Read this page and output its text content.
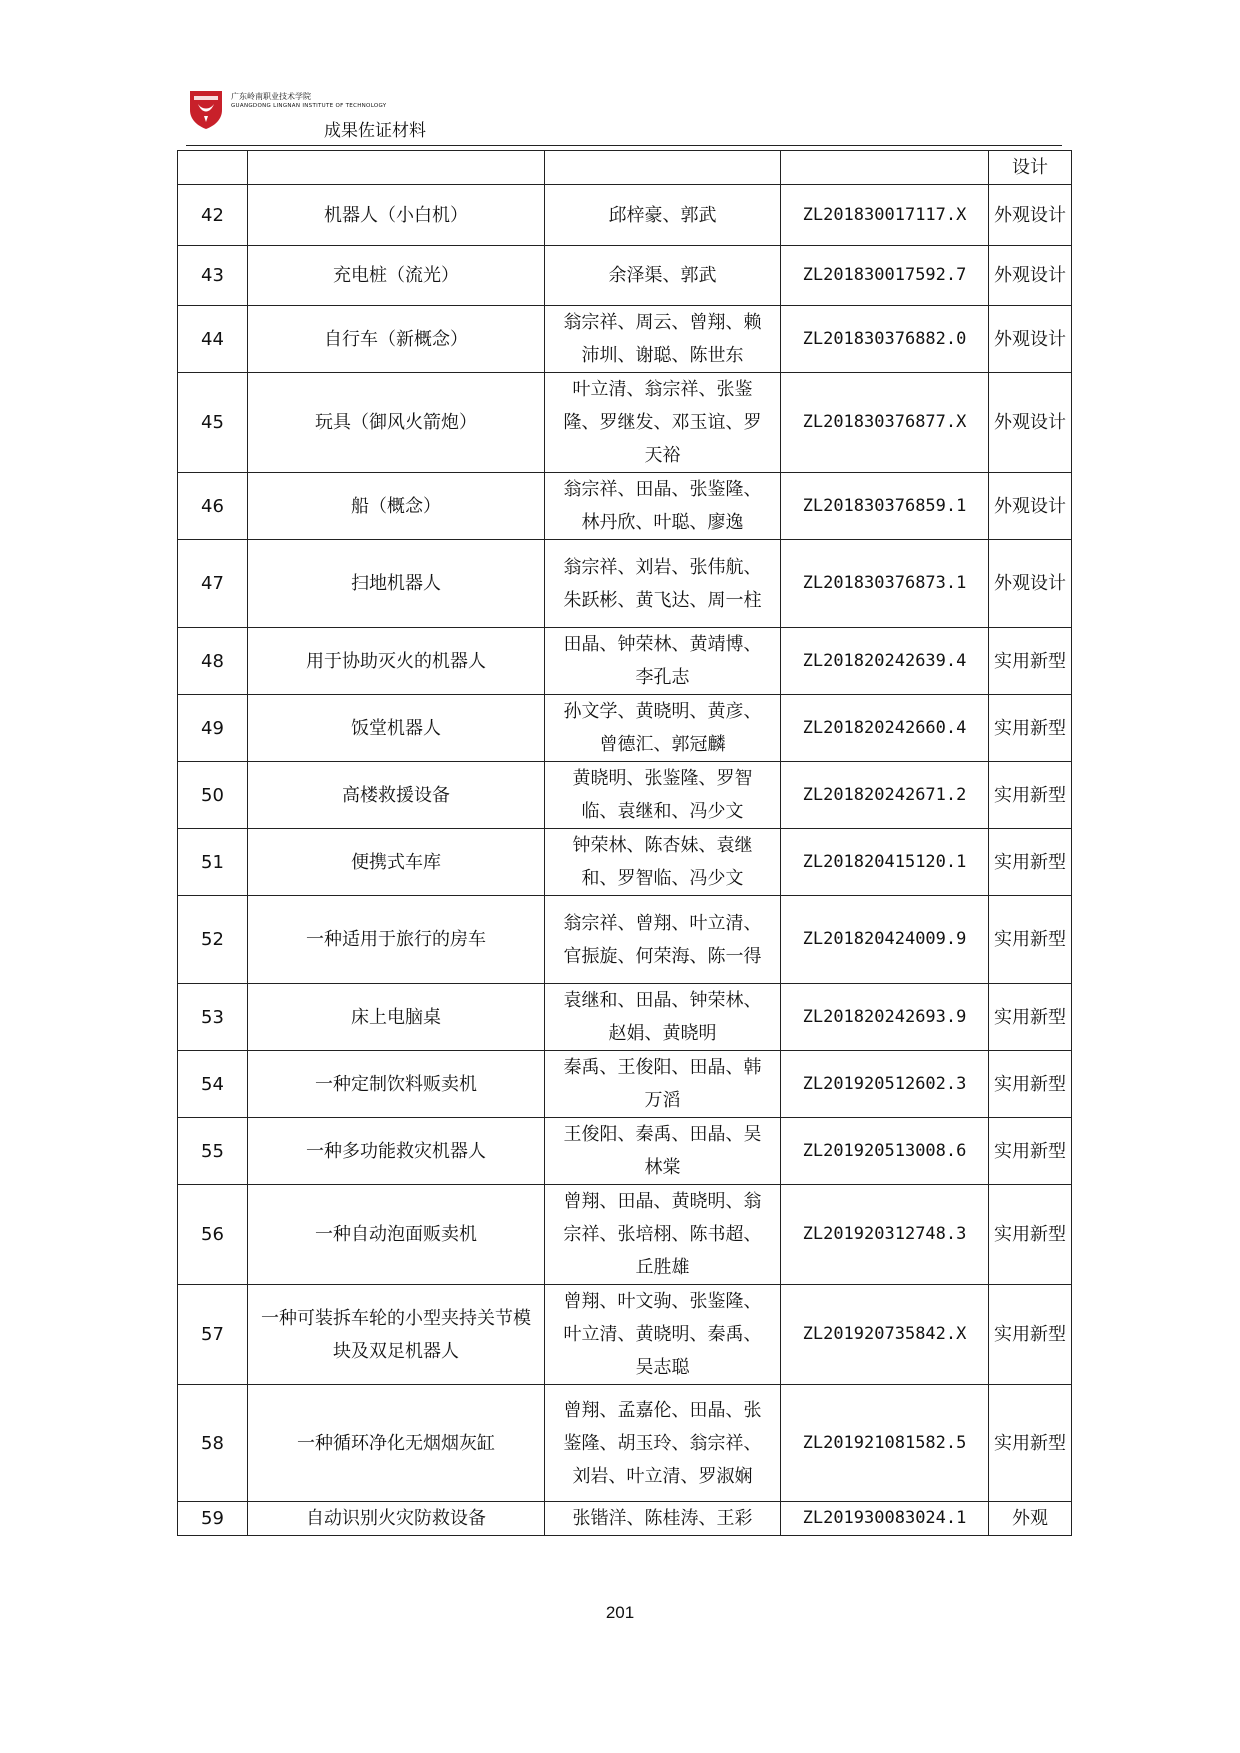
广东岭南职业技术学院
GUANGDONG LINGNAN INSTITUTE OF TECHNOLOGY
成果佐证材料
				设计
42	机器人（小白机）	邱梓豪、郭武	ZL201830017117.X	外观设计
43	充电桩（流光）	余泽渠、郭武	ZL201830017592.7	外观设计
44	自行车（新概念）	翁宗祥、周云、曾翔、赖沛圳、谢聪、陈世东	ZL201830376882.0	外观设计
45	玩具（御风火箭炮）	叶立清、翁宗祥、张鉴隆、罗继发、邓玉谊、罗天裕	ZL201830376877.X	外观设计
46	船（概念）	翁宗祥、田晶、张鉴隆、林丹欣、叶聪、廖逸	ZL201830376859.1	外观设计
47	扫地机器人	翁宗祥、刘岩、张伟航、朱跃彬、黄飞达、周一柱	ZL201830376873.1	外观设计
48	用于协助灭火的机器人	田晶、钟荣林、黄靖博、李孔志	ZL201820242639.4	实用新型
49	饭堂机器人	孙文学、黄晓明、黄彦、曾德汇、郭冠麟	ZL201820242660.4	实用新型
50	高楼救援设备	黄晓明、张鉴隆、罗智临、袁继和、冯少文	ZL201820242671.2	实用新型
51	便携式车库	钟荣林、陈杏妹、袁继和、罗智临、冯少文	ZL201820415120.1	实用新型
52	一种适用于旅行的房车	翁宗祥、曾翔、叶立清、官振旋、何荣海、陈一得	ZL201820424009.9	实用新型
53	床上电脑桌	袁继和、田晶、钟荣林、赵娟、黄晓明	ZL201820242693.9	实用新型
54	一种定制饮料贩卖机	秦禹、王俊阳、田晶、韩万滔	ZL201920512602.3	实用新型
55	一种多功能救灾机器人	王俊阳、秦禹、田晶、吴林棠	ZL201920513008.6	实用新型
56	一种自动泡面贩卖机	曾翔、田晶、黄晓明、翁宗祥、张培栩、陈书超、丘胜雄	ZL201920312748.3	实用新型
57	一种可装拆车轮的小型夹持关节模块及双足机器人	曾翔、叶文驹、张鉴隆、叶立清、黄晓明、秦禹、吴志聪	ZL201920735842.X	实用新型
58	一种循环净化无烟烟灰缸	曾翔、孟嘉伦、田晶、张鉴隆、胡玉玲、翁宗祥、刘岩、叶立清、罗淑娴	ZL201921081582.5	实用新型
59	自动识别火灾防救设备	张锴洋、陈桂涛、王彩	ZL201930083024.1	外观
201
